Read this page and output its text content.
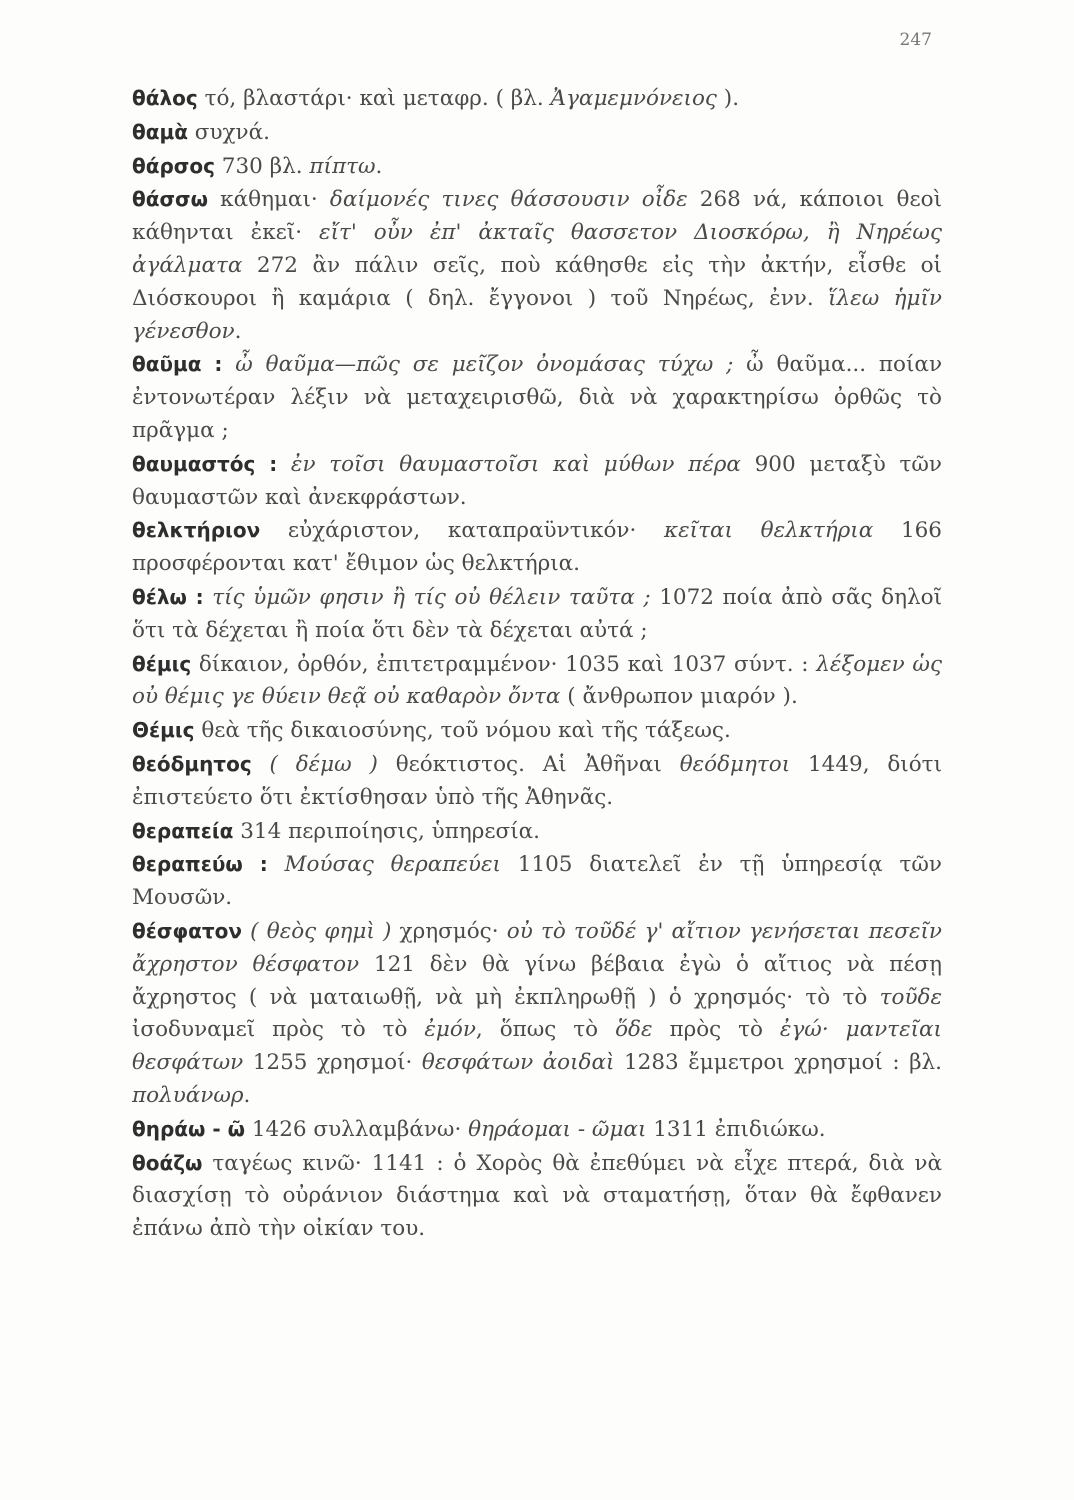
247

θάλος τό, βλαστάρι· καὶ μεταφρ. ( βλ. Ἀγαμεμνόνειος ).

θαμὰ συχνά.

θάρσος 730 βλ. πίπτω.

θάσσω κάθημαι· δαίμονές τινες θάσσουσιν οἶδε 268 νά, κάποιοι θεοὶ κάθηνται ἐκεῖ· εἴτ' οὖν ἐπ' ἀκταῖς θασσετον Διοσκόρω, ἢ Νηρέως ἀγάλματα 272 ἂν πάλιν σεῖς, ποὺ κάθησθε εἰς τὴν ἀκτήν, εἶσθε οἱ Διόσκουροι ἢ καμάρια ( δηλ. ἔγγονοι ) τοῦ Νηρέως, ἐνν. ἵλεω ἡμῖν γένεσθον.

θαῦμα : ὦ θαῦμα—πῶς σε μεῖζον ὀνομάσας τύχω ; ὦ θαῦμα... ποίαν ἐντονωτέραν λέξιν νὰ μεταχειρισθῶ, διὰ νὰ χαρακτηρίσω ὀρθῶς τὸ πρᾶγμα ;

θαυμαστός : ἐν τοῖσι θαυμαστοῖσι καὶ μύθων πέρα 900 μεταξὺ τῶν θαυμαστῶν καὶ ἀνεκφράστων.

θελκτήριον εὐχάριστον, καταπραϋντικόν· κεῖται θελκτήρια 166 προσφέρονται κατ' ἔθιμον ὡς θελκτήρια.

θέλω : τίς ὑμῶν φησιν ἢ τίς οὐ θέλειν ταῦτα ; 1072 ποία ἀπὸ σᾶς δηλοῖ ὅτι τὰ δέχεται ἢ ποία ὅτι δὲν τὰ δέχεται αὐτά ;

θέμις δίκαιον, ὀρθόν, ἐπιτετραμμένον· 1035 καὶ 1037 σύντ. : λέξομεν ὡς οὐ θέμις γε θύειν θεᾷ οὐ καθαρὸν ὄντα ( ἄνθρωπον μιαρόν ).

Θέμις θεὰ τῆς δικαιοσύνης, τοῦ νόμου καὶ τῆς τάξεως.

θεόδμητος ( δέμω ) θεόκτιστος. Αἱ Ἀθῆναι θεόδμητοι 1449, διότι ἐπιστεύετο ὅτι ἐκτίσθησαν ὑπὸ τῆς Ἀθηνᾶς.

θεραπεία 314 περιποίησις, ὑπηρεσία.

θεραπεύω : Μούσας θεραπεύει 1105 διατελεῖ ἐν τῇ ὑπηρεσίᾳ τῶν Μουσῶν.

θέσφατον ( θεὸς φημὶ ) χρησμός· οὐ τὸ τοῦδέ γ' αἴτιον γενήσεται πεσεῖν ἄχρηστον θέσφατον 121 δὲν θὰ γίνω βέβαια ἐγὼ ὁ αἴτιος νὰ πέσῃ ἄχρηστος ( νὰ ματαιωθῇ, νὰ μὴ ἐκπληρωθῇ ) ὁ χρησμός· τὸ τὸ τοῦδε ἰσοδυναμεῖ πρὸς τὸ τὸ ἐμόν, ὅπως τὸ ὅδε πρὸς τὸ ἐγώ· μαντεῖαι θεσφάτων 1255 χρησμοί· θεσφάτων ἀοιδαὶ 1283 ἔμμετροι χρησμοί : βλ. πολυάνωρ.

θηράω - ῶ 1426 συλλαμβάνω· θηράομαι - ῶμαι 1311 ἐπιδιώκω.

θοάζω ταγέως κινῶ· 1141 : ὁ Χορὸς θὰ ἐπεθύμει νὰ εἶχε πτερά, διὰ νὰ διασχίσῃ τὸ οὐράνιον διάστημα καὶ νὰ σταματήσῃ, ὅταν θὰ ἔφθανεν ἐπάνω ἀπὸ τὴν οἰκίαν του.
